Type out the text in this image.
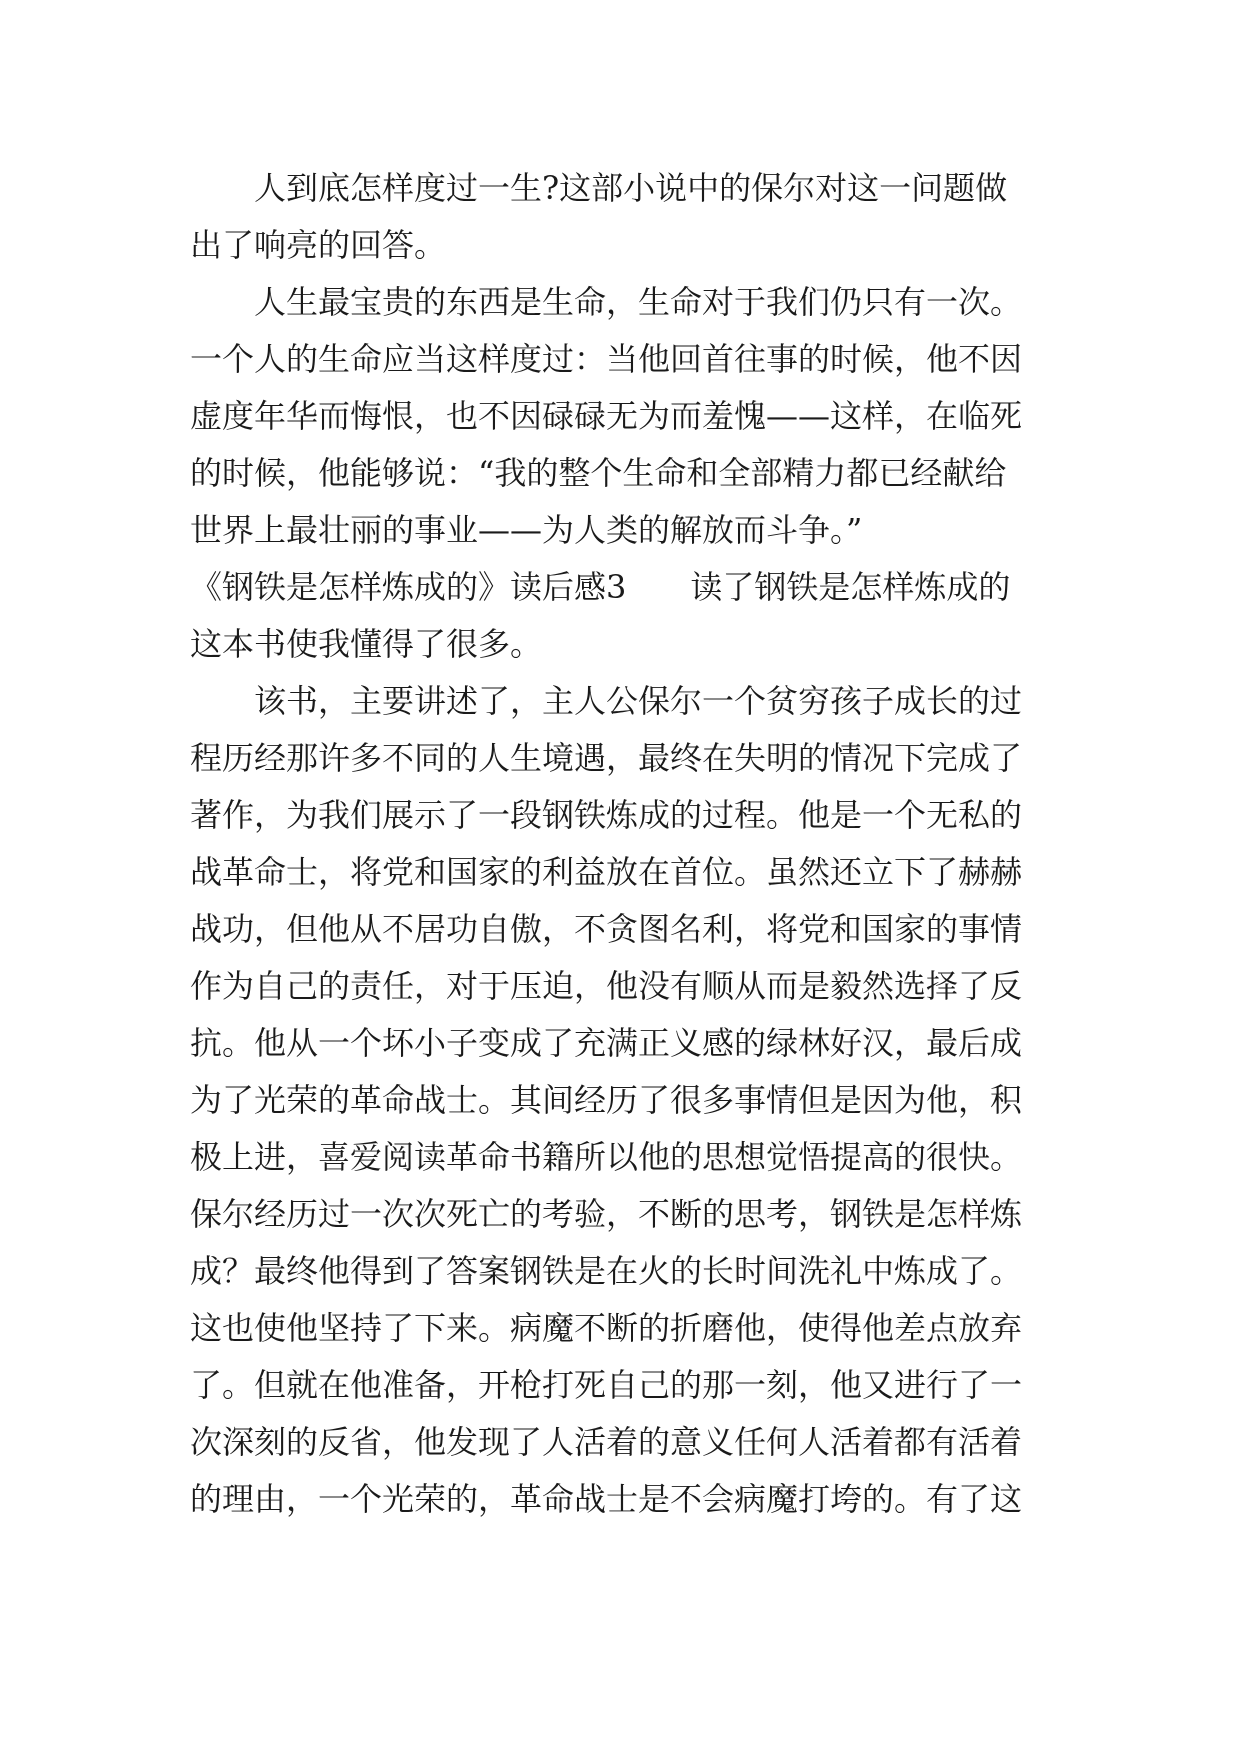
人到底怎样度过一生?这部小说中的保尔对这一问题做
出了响亮的回答。
人生最宝贵的东西是生命，生命对于我们仍只有一次。
一个人的生命应当这样度过：当他回首往事的时候，他不因
虚度年华而悔恨，也不因碌碌无为而羞愧——这样，在临死
的时候，他能够说：“我的整个生命和全部精力都已经献给
世界上最壮丽的事业——为人类的解放而斗争。”
《钢铁是怎样炼成的》读后感3　　读了钢铁是怎样炼成的
这本书使我懂得了很多。
该书，主要讲述了，主人公保尔一个贫穷孩子成长的过
程历经那许多不同的人生境遇，最终在失明的情况下完成了
著作，为我们展示了一段钢铁炼成的过程。他是一个无私的
战革命士，将党和国家的利益放在首位。虽然还立下了赫赫
战功，但他从不居功自傲，不贪图名利，将党和国家的事情
作为自己的责任，对于压迫，他没有顺从而是毅然选择了反
抗。他从一个坏小子变成了充满正义感的绿林好汉，最后成
为了光荣的革命战士。其间经历了很多事情但是因为他，积
极上进，喜爱阅读革命书籍所以他的思想觉悟提高的很快。
保尔经历过一次次死亡的考验，不断的思考，钢铁是怎样炼
成？最终他得到了答案钢铁是在火的长时间洗礼中炼成了。
这也使他坚持了下来。病魔不断的折磨他，使得他差点放弃
了。但就在他准备，开枪打死自己的那一刻，他又进行了一
次深刻的反省，他发现了人活着的意义任何人活着都有活着
的理由，一个光荣的，革命战士是不会病魔打垮的。有了这
